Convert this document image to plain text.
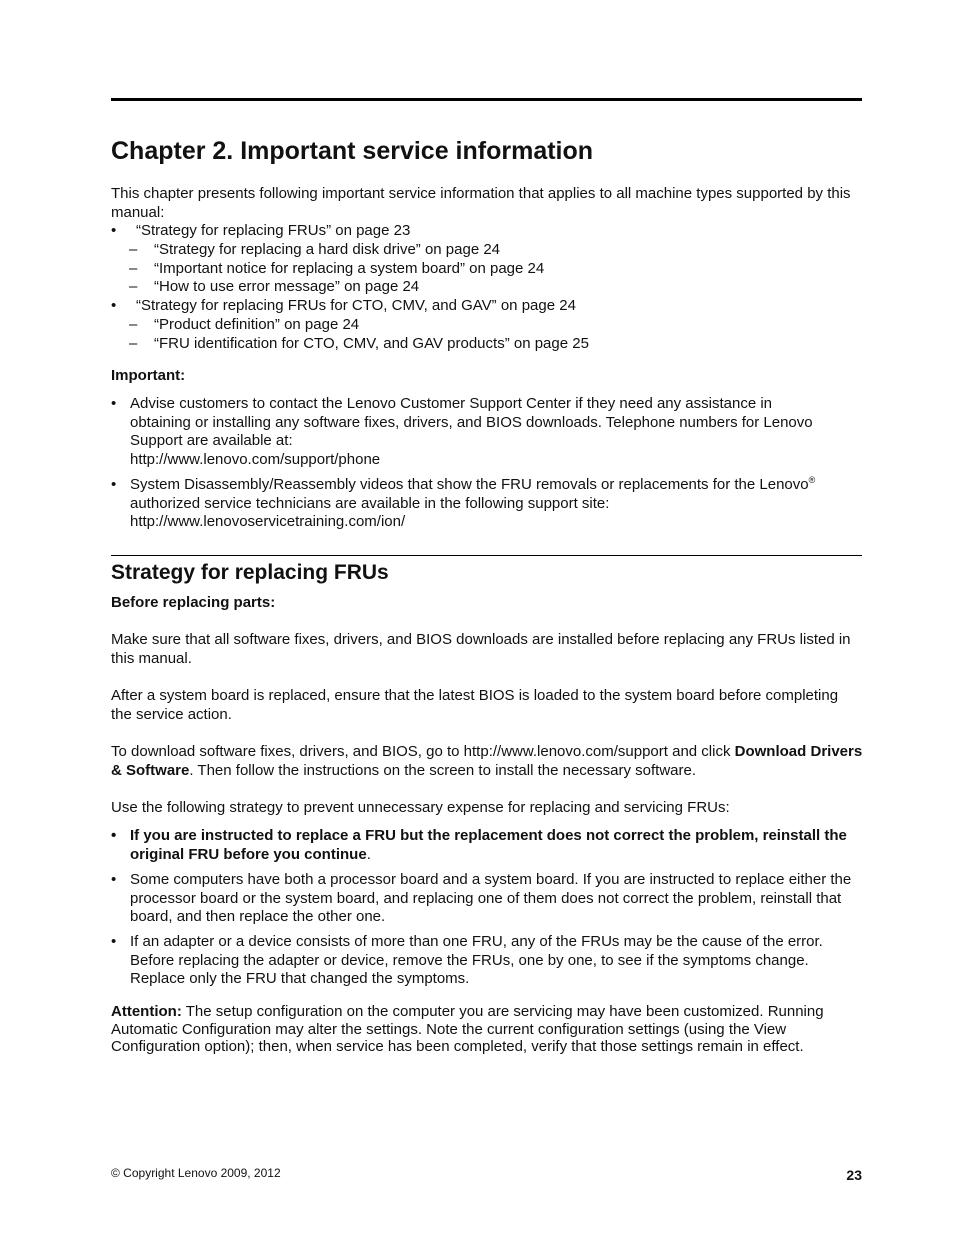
Chapter 2. Important service information

This chapter presents following important service information that applies to all machine types supported by this manual:

•	“Strategy for replacing FRUs” on page 23
– “Strategy for replacing a hard disk drive” on page 24
– “Important notice for replacing a system board” on page 24
– “How to use error message” on page 24
•	“Strategy for replacing FRUs for CTO, CMV, and GAV” on page 24
– “Product definition” on page 24
– “FRU identification for CTO, CMV, and GAV products” on page 25

Important:

• Advise customers to contact the Lenovo Customer Support Center if they need any assistance in
obtaining or installing any software fixes, drivers, and BIOS downloads. Telephone numbers for Lenovo
Support are available at:
http://www.lenovo.com/support/phone
• System Disassembly/Reassembly videos that show the FRU removals or replacements for the Lenovo®
authorized service technicians are available in the following support site:
http://www.lenovoservicetraining.com/ion/
Strategy for replacing FRUs

Before replacing parts:

Make sure that all software fixes, drivers, and BIOS downloads are installed before replacing any FRUs listed in this manual.

After a system board is replaced, ensure that the latest BIOS is loaded to the system board before completing the service action.

To download software fixes, drivers, and BIOS, go to http://www.lenovo.com/support and click Download Drivers & Software. Then follow the instructions on the screen to install the necessary software.

Use the following strategy to prevent unnecessary expense for replacing and servicing FRUs:

• If you are instructed to replace a FRU but the replacement does not correct the problem, reinstall the original FRU before you continue.

• Some computers have both a processor board and a system board. If you are instructed to replace either the processor board or the system board, and replacing one of them does not correct the problem, reinstall that board, and then replace the other one.

• If an adapter or a device consists of more than one FRU, any of the FRUs may be the cause of the error. Before replacing the adapter or device, remove the FRUs, one by one, to see if the symptoms change. Replace only the FRU that changed the symptoms.

Attention: The setup configuration on the computer you are servicing may have been customized. Running Automatic Configuration may alter the settings. Note the current configuration settings (using the View Configuration option); then, when service has been completed, verify that those settings remain in effect.

© Copyright Lenovo 2009, 2012	23
